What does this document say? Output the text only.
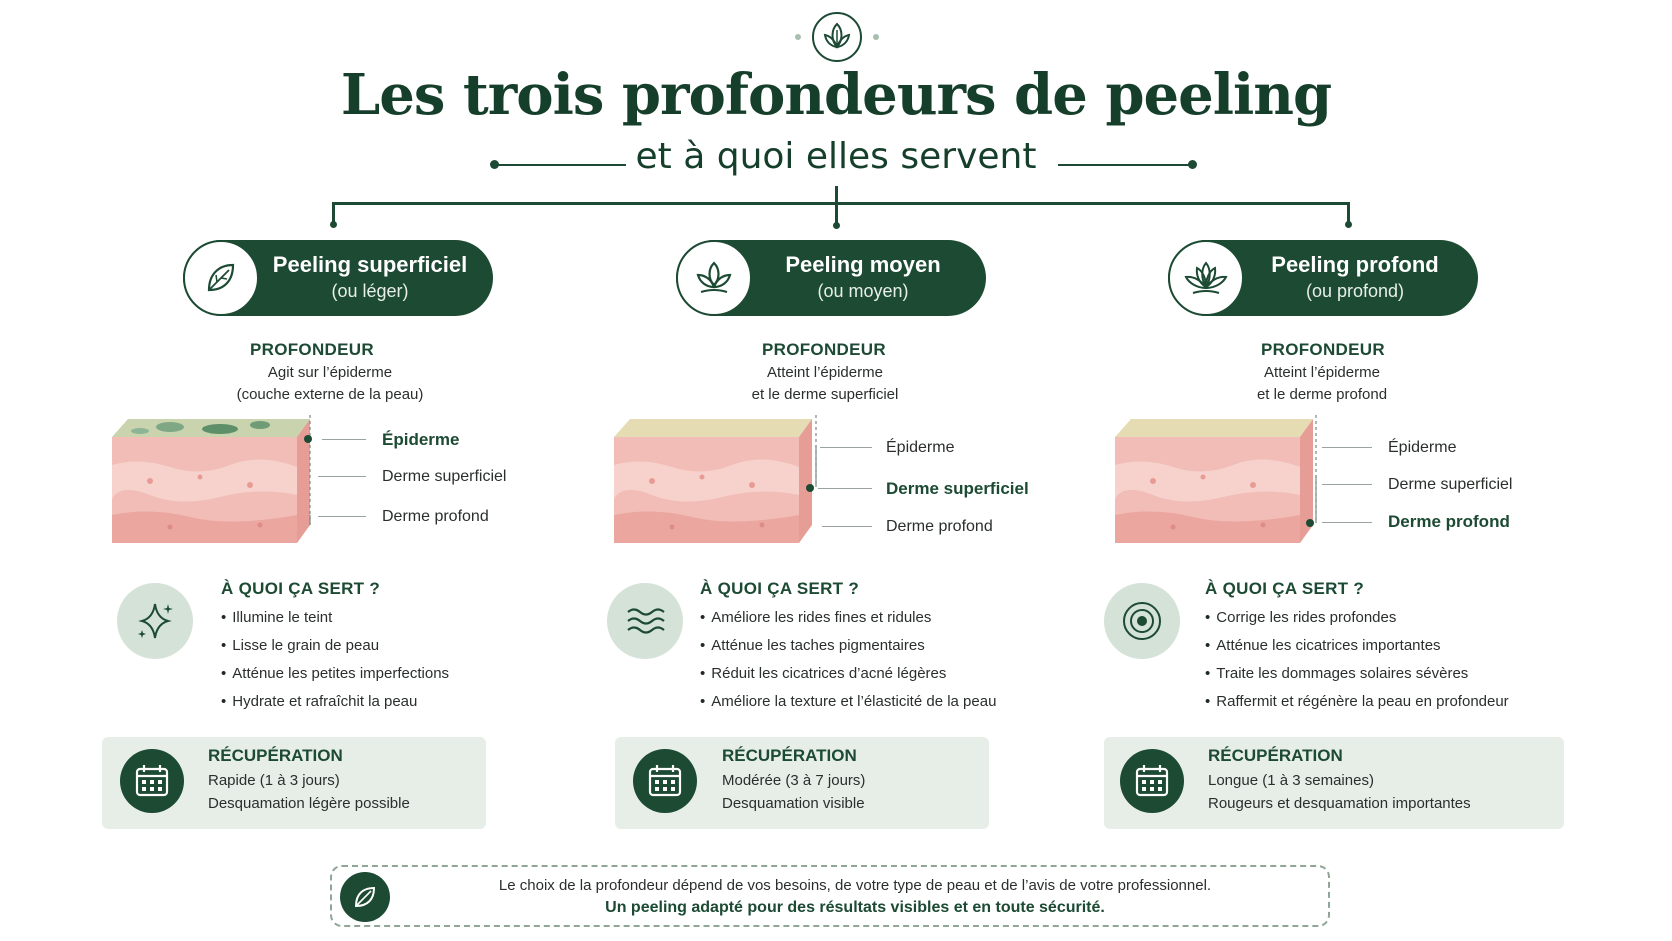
Les trois profondeurs de peeling
et à quoi elles servent
Peeling superficiel
(ou léger)
PROFONDEUR
Agit sur l’épiderme
(couche externe de la peau)
Épiderme
Derme superficiel
Derme profond
À QUOI ÇA SERT ?
• Illumine le teint
• Lisse le grain de peau
• Atténue les petites imperfections
• Hydrate et rafraîchit la peau
RÉCUPÉRATION
Rapide (1 à 3 jours)
Desquamation légère possible
Peeling moyen
(ou moyen)
PROFONDEUR
Atteint l’épiderme
et le derme superficiel
Épiderme
Derme superficiel
Derme profond
À QUOI ÇA SERT ?
• Améliore les rides fines et ridules
• Atténue les taches pigmentaires
• Réduit les cicatrices d’acné légères
• Améliore la texture et l’élasticité de la peau
RÉCUPÉRATION
Modérée (3 à 7 jours)
Desquamation visible
Peeling profond
(ou profond)
PROFONDEUR
Atteint l’épiderme
et le derme profond
Épiderme
Derme superficiel
Derme profond
À QUOI ÇA SERT ?
• Corrige les rides profondes
• Atténue les cicatrices importantes
• Traite les dommages solaires sévères
• Raffermit et régénère la peau en profondeur
RÉCUPÉRATION
Longue (1 à 3 semaines)
Rougeurs et desquamation importantes
Le choix de la profondeur dépend de vos besoins, de votre type de peau et de l’avis de votre professionnel.
Un peeling adapté pour des résultats visibles et en toute sécurité.
